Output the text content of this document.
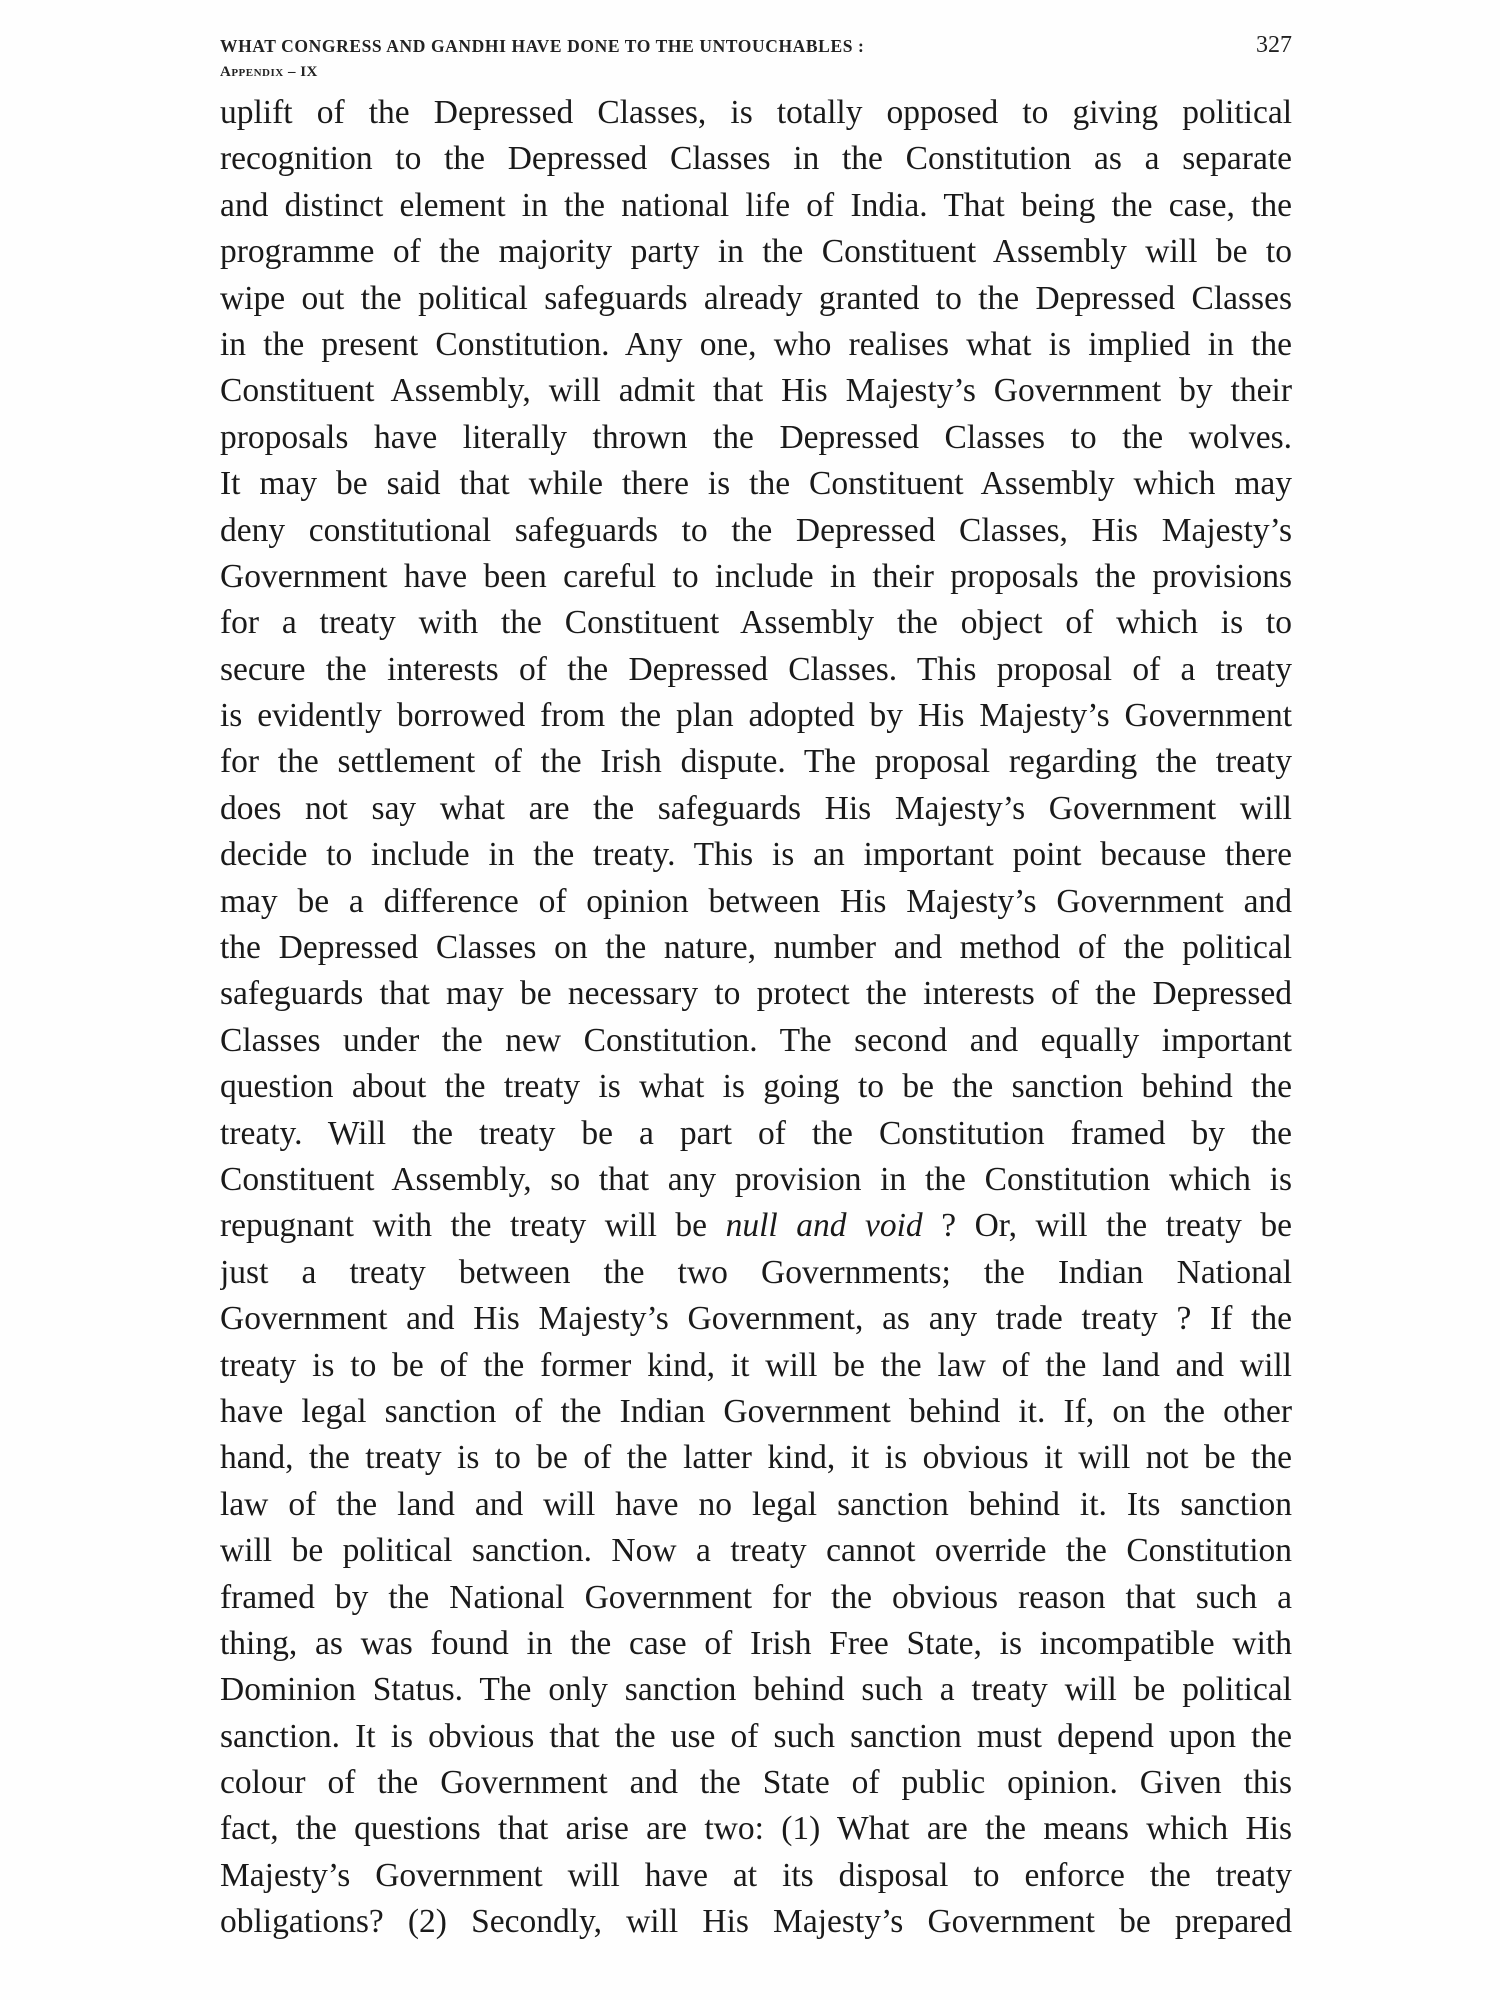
WHAT CONGRESS AND GANDHI HAVE DONE TO THE UNTOUCHABLES :
Appendix – IX
327
uplift of the Depressed Classes, is totally opposed to giving political
recognition to the Depressed Classes in the Constitution as a separate
and distinct element in the national life of India. That being the case, the
programme of the majority party in the Constituent Assembly will be to
wipe out the political safeguards already granted to the Depressed Classes
in the present Constitution. Any one, who realises what is implied in the
Constituent Assembly, will admit that His Majesty’s Government by their
proposals have literally thrown the Depressed Classes to the wolves.
It may be said that while there is the Constituent Assembly which may
deny constitutional safeguards to the Depressed Classes, His Majesty’s
Government have been careful to include in their proposals the provisions
for a treaty with the Constituent Assembly the object of which is to
secure the interests of the Depressed Classes. This proposal of a treaty
is evidently borrowed from the plan adopted by His Majesty’s Government
for the settlement of the Irish dispute. The proposal regarding the treaty
does not say what are the safeguards His Majesty’s Government will
decide to include in the treaty. This is an important point because there
may be a difference of opinion between His Majesty’s Government and
the Depressed Classes on the nature, number and method of the political
safeguards that may be necessary to protect the interests of the Depressed
Classes under the new Constitution. The second and equally important
question about the treaty is what is going to be the sanction behind the
treaty. Will the treaty be a part of the Constitution framed by the
Constituent Assembly, so that any provision in the Constitution which is
repugnant with the treaty will be null and void ? Or, will the treaty be
just a treaty between the two Governments; the Indian National
Government and His Majesty’s Government, as any trade treaty ? If the
treaty is to be of the former kind, it will be the law of the land and will
have legal sanction of the Indian Government behind it. If, on the other
hand, the treaty is to be of the latter kind, it is obvious it will not be the
law of the land and will have no legal sanction behind it. Its sanction
will be political sanction. Now a treaty cannot override the Constitution
framed by the National Government for the obvious reason that such a
thing, as was found in the case of Irish Free State, is incompatible with
Dominion Status. The only sanction behind such a treaty will be political
sanction. It is obvious that the use of such sanction must depend upon the
colour of the Government and the State of public opinion. Given this
fact, the questions that arise are two: (1) What are the means which His
Majesty’s Government will have at its disposal to enforce the treaty
obligations? (2) Secondly, will His Majesty’s Government be prepared
